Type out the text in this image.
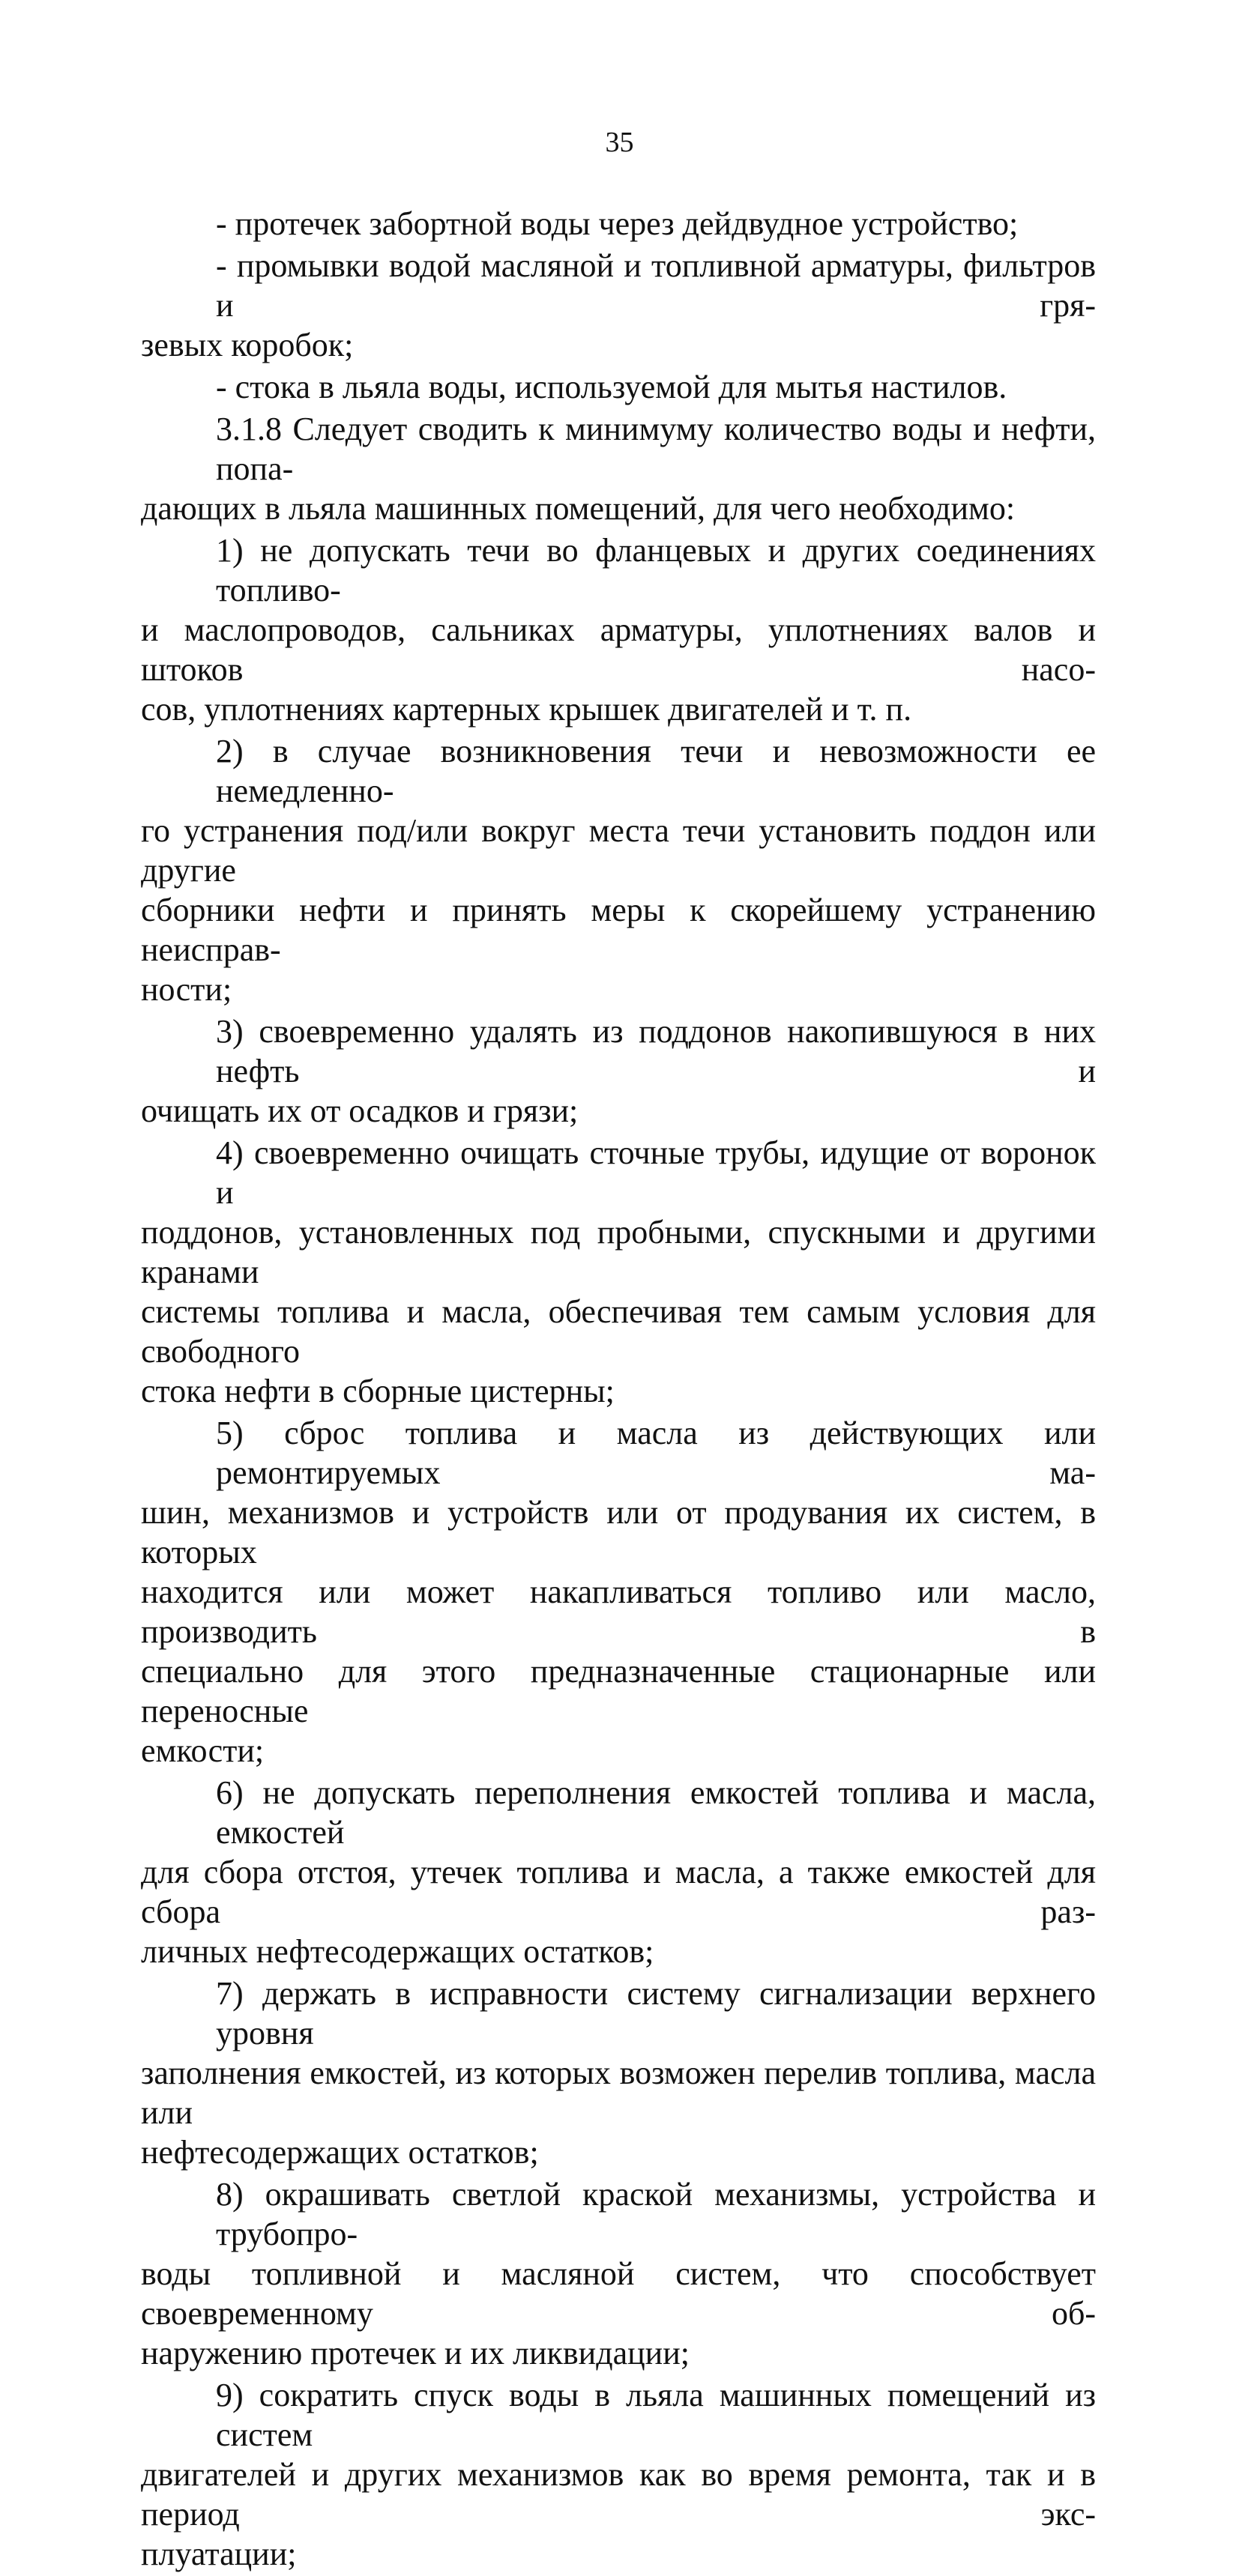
35
- протечек забортной воды через дейдвудное устройство;
- промывки водой масляной и топливной арматуры, фильтров и гря-
зевых коробок;
- стока в льяла воды, используемой для мытья настилов.
3.1.8 Следует сводить к минимуму количество воды и нефти, попа-
дающих в льяла машинных помещений, для чего необходимо:
1) не допускать течи во фланцевых и других соединениях топливо-
и маслопроводов, сальниках арматуры, уплотнениях валов и штоков насо-
сов, уплотнениях картерных крышек двигателей и т. п.
2) в случае возникновения течи и невозможности ее немедленно-
го устранения под/или вокруг места течи установить поддон или другие
сборники нефти и принять меры к скорейшему устранению неисправ-
ности;
3) своевременно удалять из поддонов накопившуюся в них нефть и
очищать их от осадков и грязи;
4) своевременно очищать сточные трубы, идущие от воронок и
поддонов, установленных под пробными, спускными и другими кранами
системы топлива и масла, обеспечивая тем самым условия для свободного
стока нефти в сборные цистерны;
5) сброс топлива и масла из действующих или ремонтируемых ма-
шин, механизмов и устройств или от продувания их систем, в которых
находится или может накапливаться топливо или масло, производить в
специально для этого предназначенные стационарные или переносные
емкости;
6) не допускать переполнения емкостей топлива и масла, емкостей
для сбора отстоя, утечек топлива и масла, а также емкостей для сбора раз-
личных нефтесодержащих остатков;
7) держать в исправности систему сигнализации верхнего уровня
заполнения емкостей, из которых возможен перелив топлива, масла или
нефтесодержащих остатков;
8) окрашивать светлой краской механизмы, устройства и трубопро-
воды топливной и масляной систем, что способствует своевременному об-
наружению протечек и их ликвидации;
9) сократить спуск воды в льяла машинных помещений из систем
двигателей и других механизмов как во время ремонта, так и в период экс-
плуатации;
